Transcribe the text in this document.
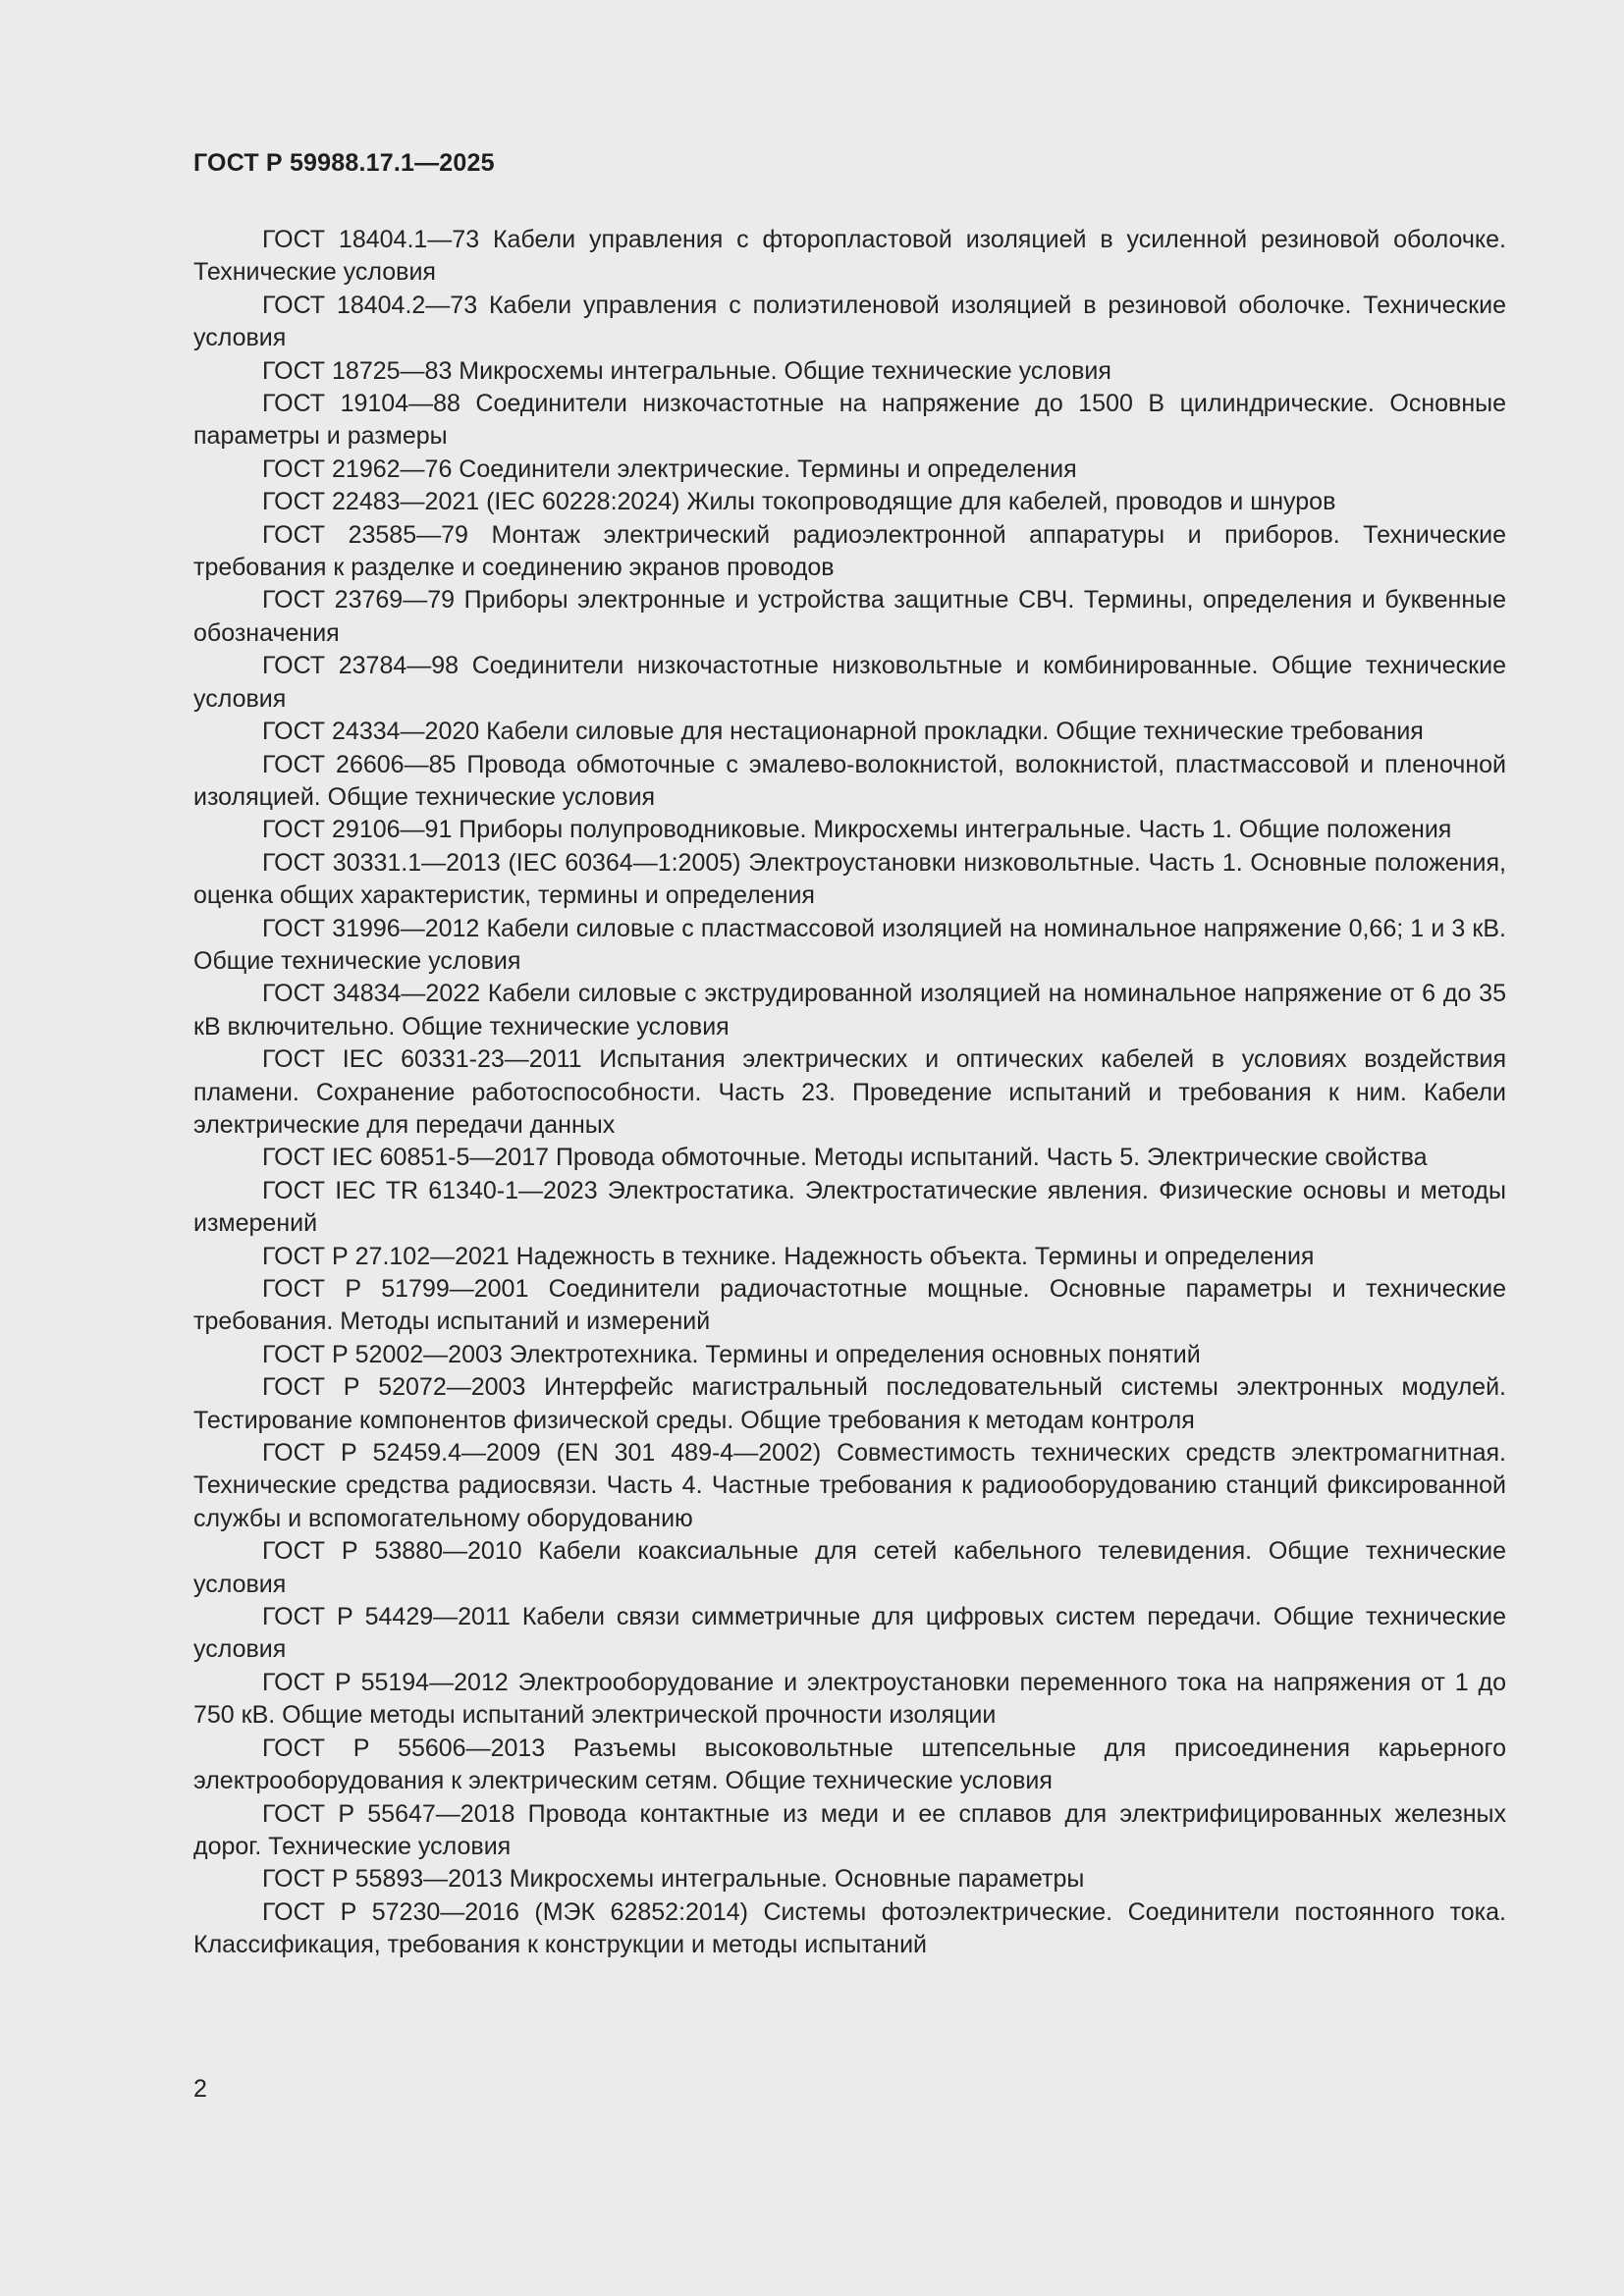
ГОСТ Р 59988.17.1—2025

ГОСТ 18404.1—73 Кабели управления с фторопластовой изоляцией в усиленной резиновой оболочке. Технические условия

ГОСТ 18404.2—73 Кабели управления с полиэтиленовой изоляцией в резиновой оболочке. Технические условия

ГОСТ 18725—83 Микросхемы интегральные. Общие технические условия

ГОСТ 19104—88 Соединители низкочастотные на напряжение до 1500 В цилиндрические. Основные параметры и размеры

ГОСТ 21962—76 Соединители электрические. Термины и определения

ГОСТ 22483—2021 (IEC 60228:2024) Жилы токопроводящие для кабелей, проводов и шнуров

ГОСТ 23585—79 Монтаж электрический радиоэлектронной аппаратуры и приборов. Технические требования к разделке и соединению экранов проводов

ГОСТ 23769—79 Приборы электронные и устройства защитные СВЧ. Термины, определения и буквенные обозначения

ГОСТ 23784—98 Соединители низкочастотные низковольтные и комбинированные. Общие технические условия

ГОСТ 24334—2020 Кабели силовые для нестационарной прокладки. Общие технические требования

ГОСТ 26606—85 Провода обмоточные с эмалево-волокнистой, волокнистой, пластмассовой и пленочной изоляцией. Общие технические условия

ГОСТ 29106—91 Приборы полупроводниковые. Микросхемы интегральные. Часть 1. Общие положения

ГОСТ 30331.1—2013 (IEC 60364—1:2005) Электроустановки низковольтные. Часть 1. Основные положения, оценка общих характеристик, термины и определения

ГОСТ 31996—2012 Кабели силовые с пластмассовой изоляцией на номинальное напряжение 0,66; 1 и 3 кВ. Общие технические условия

ГОСТ 34834—2022 Кабели силовые с экструдированной изоляцией на номинальное напряжение от 6 до 35 кВ включительно. Общие технические условия

ГОСТ IEC 60331-23—2011 Испытания электрических и оптических кабелей в условиях воздействия пламени. Сохранение работоспособности. Часть 23. Проведение испытаний и требования к ним. Кабели электрические для передачи данных

ГОСТ IEC 60851-5—2017 Провода обмоточные. Методы испытаний. Часть 5. Электрические свойства

ГОСТ IEC TR 61340-1—2023 Электростатика. Электростатические явления. Физические основы и методы измерений

ГОСТ Р 27.102—2021 Надежность в технике. Надежность объекта. Термины и определения

ГОСТ Р 51799—2001 Соединители радиочастотные мощные. Основные параметры и технические требования. Методы испытаний и измерений

ГОСТ Р 52002—2003 Электротехника. Термины и определения основных понятий

ГОСТ Р 52072—2003 Интерфейс магистральный последовательный системы электронных модулей. Тестирование компонентов физической среды. Общие требования к методам контроля

ГОСТ Р 52459.4—2009 (EN 301 489-4—2002) Совместимость технических средств электромагнитная. Технические средства радиосвязи. Часть 4. Частные требования к радиооборудованию станций фиксированной службы и вспомогательному оборудованию

ГОСТ Р 53880—2010 Кабели коаксиальные для сетей кабельного телевидения. Общие технические условия

ГОСТ Р 54429—2011 Кабели связи симметричные для цифровых систем передачи. Общие технические условия

ГОСТ Р 55194—2012 Электрооборудование и электроустановки переменного тока на напряжения от 1 до 750 кВ. Общие методы испытаний электрической прочности изоляции

ГОСТ Р 55606—2013 Разъемы высоковольтные штепсельные для присоединения карьерного электрооборудования к электрическим сетям. Общие технические условия

ГОСТ Р 55647—2018 Провода контактные из меди и ее сплавов для электрифицированных железных дорог. Технические условия

ГОСТ Р 55893—2013 Микросхемы интегральные. Основные параметры

ГОСТ Р 57230—2016 (МЭК 62852:2014) Системы фотоэлектрические. Соединители постоянного тока. Классификация, требования к конструкции и методы испытаний

2
